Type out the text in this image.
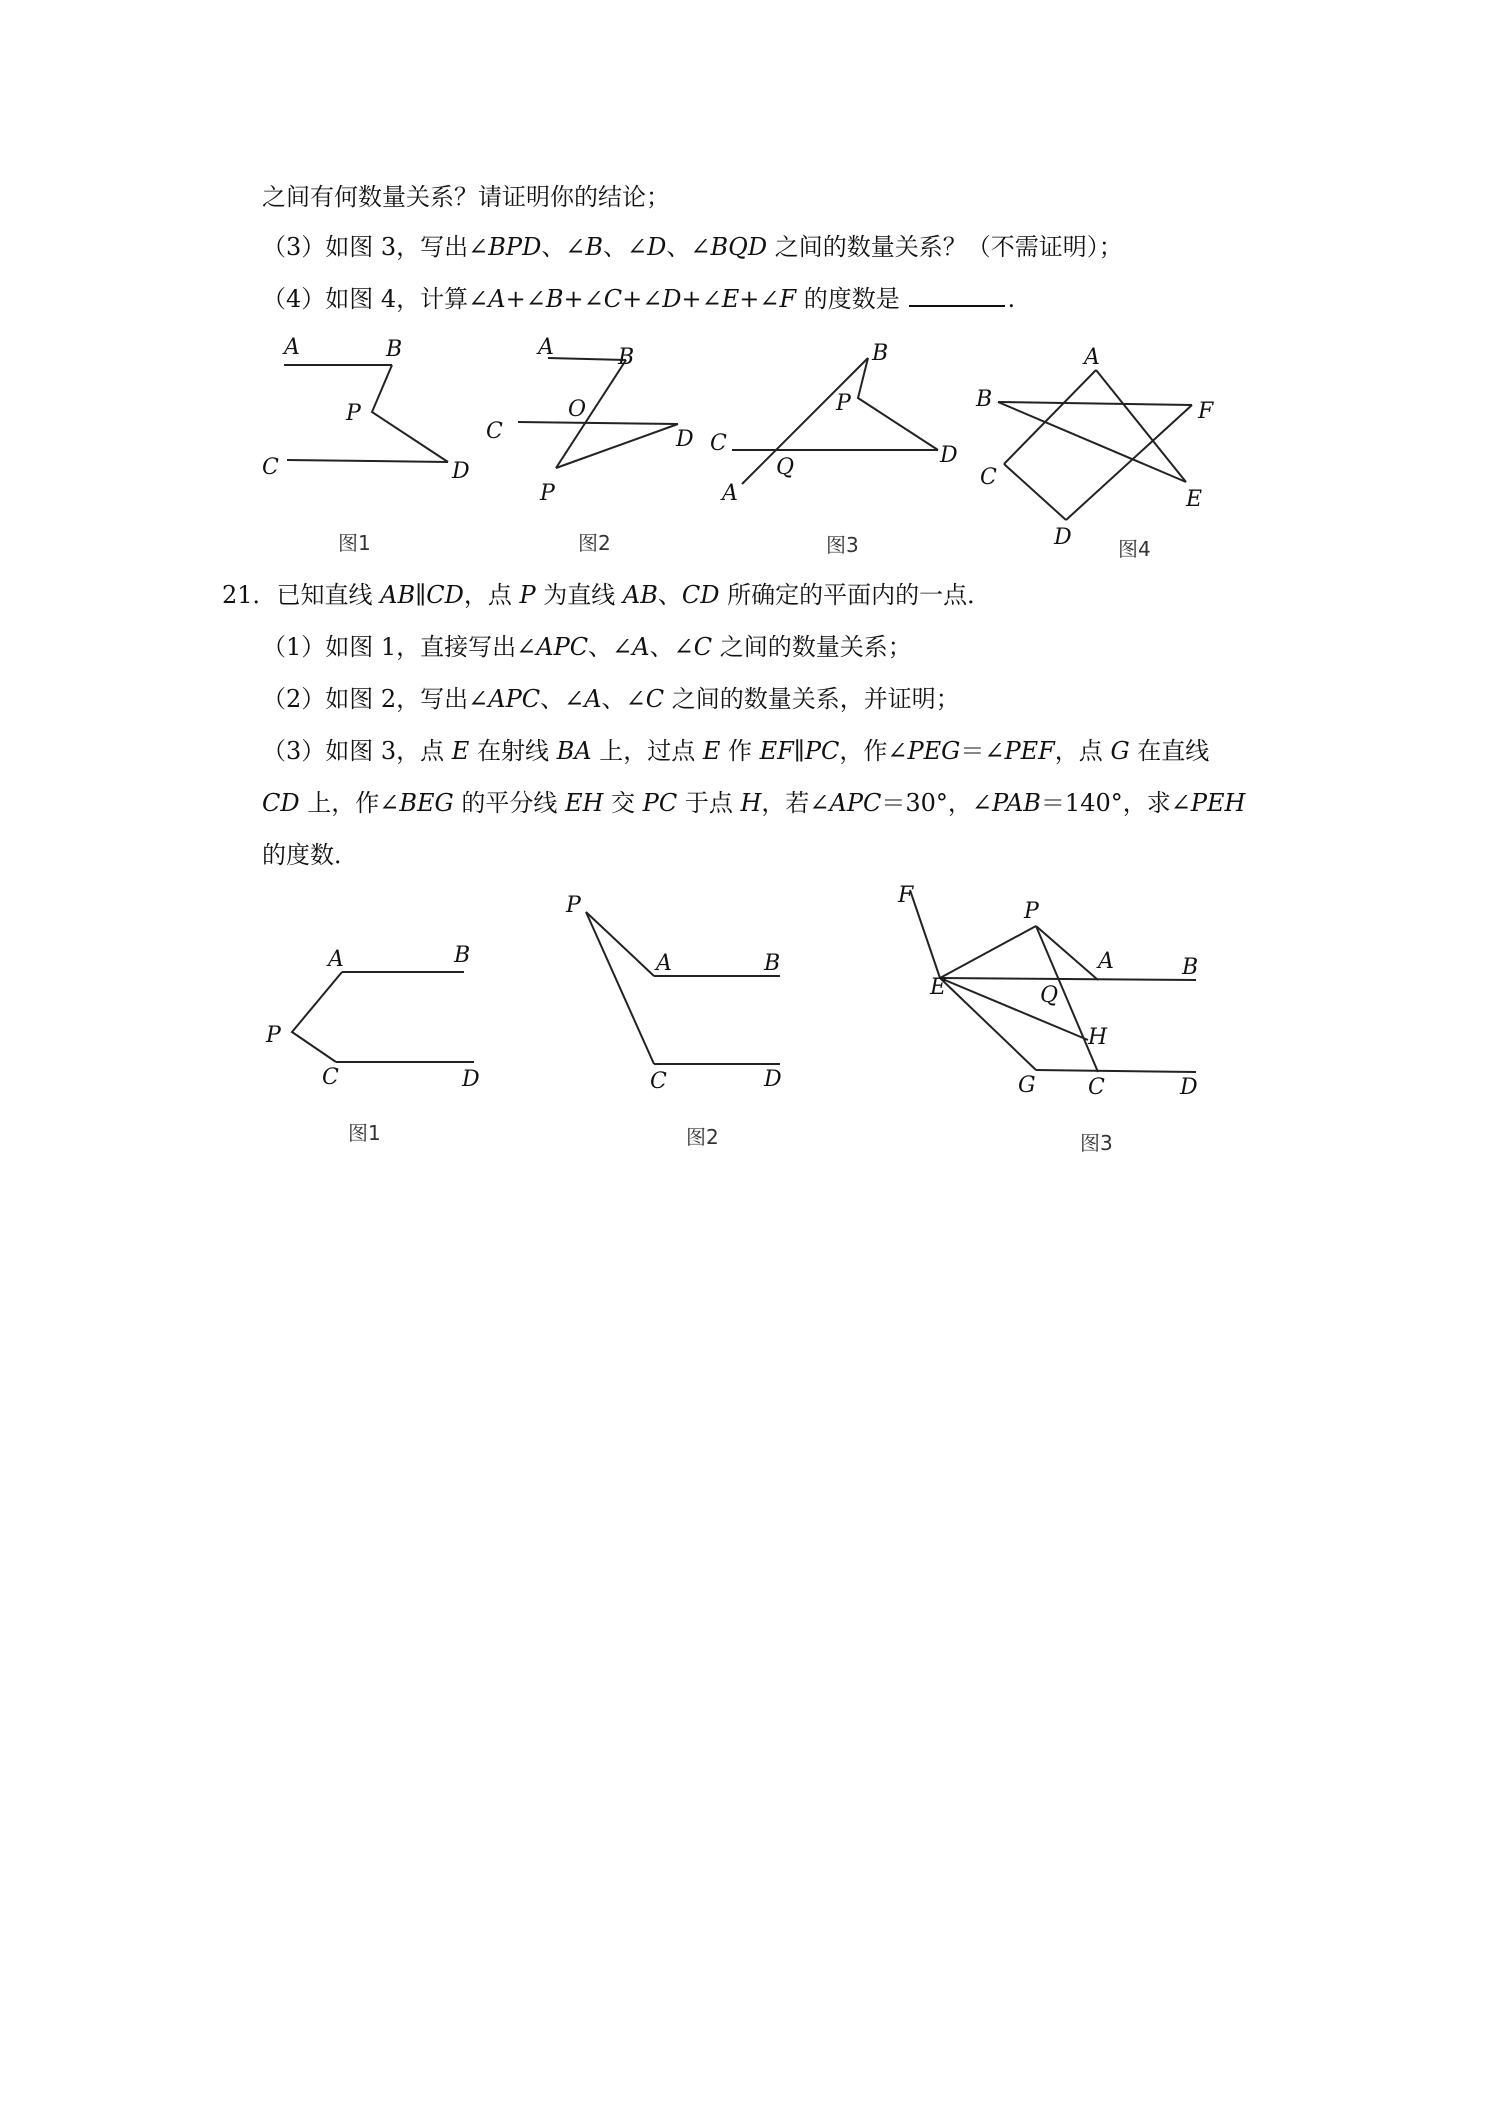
之间有何数量关系？请证明你的结论；
（3）如图 3，写出∠BPD、∠B、∠D、∠BQD 之间的数量关系？（不需证明）；
（4）如图 4，计算∠A+∠B+∠C+∠D+∠E+∠F 的度数是	.
21．已知直线 AB∥CD，点 P 为直线 AB、CD 所确定的平面内的一点．
（1）如图 1，直接写出∠APC、∠A、∠C 之间的数量关系；
（2）如图 2，写出∠APC、∠A、∠C 之间的数量关系，并证明；
（3）如图 3，点 E 在射线 BA 上，过点 E 作 EF∥PC，作∠PEG＝∠PEF，点 G 在直线
CD 上，作∠BEG 的平分线 EH 交 PC 于点 H，若∠APC＝30°，∠PAB＝140°，求∠PEH
的度数．
A	B
P
C	D
图1
A	B
O
C	D
P
图2
B
P
C
Q	D
A
图3
A
B	F
C
E
D 图4
A	B
P
C	D
图1
P
A	B
C	D
图2
F
P
A	B
E	Q
H
G C	D
图3
